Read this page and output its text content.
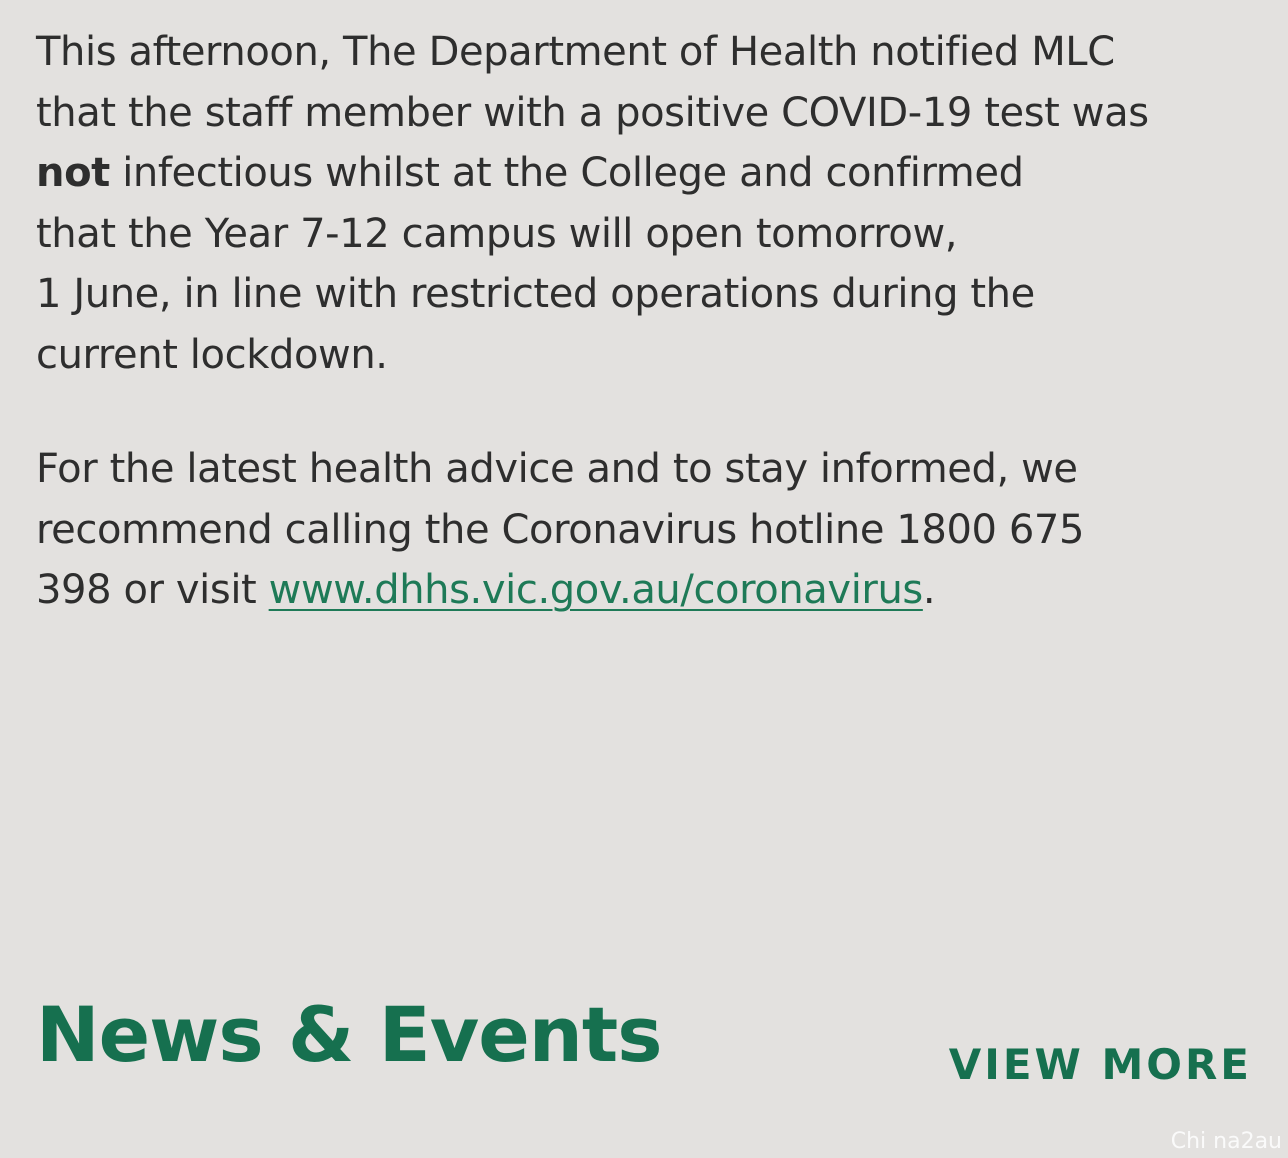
This afternoon, The Department of Health notified MLC
that the staff member with a positive COVID-19 test was
not infectious whilst at the College and confirmed
that the Year 7-12 campus will open tomorrow,
1 June, in line with restricted operations during the
current lockdown.

For the latest health advice and to stay informed, we
recommend calling the Coronavirus hotline 1800 675
398 or visit www.dhhs.vic.gov.au/coronavirus.

News & Events	VIEW MORE
Chi na2au
